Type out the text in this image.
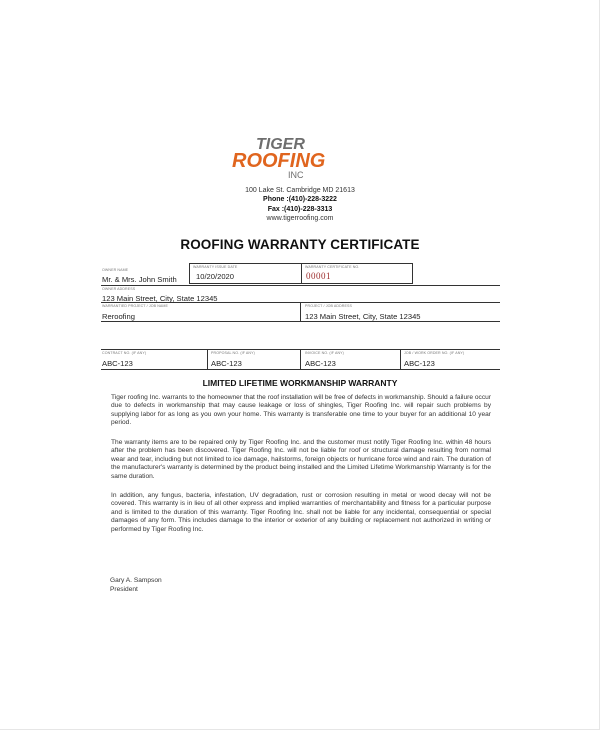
TIGER
ROOFING
INC
100 Lake St. Cambridge MD 21613
Phone :(410)-228-3222
Fax :(410)-228-3313
www.tigerroofing.com
ROOFING WARRANTY CERTIFICATE
WARRANTY ISSUE DATE
10/20/2020
WARRANTY CERTIFICATE NO.
00001
OWNER NAME
Mr. & Mrs. John Smith
OWNER ADDRESS
123 Main Street, City, State 12345
WARRANTIED PROJECT / JOB NAME
Reroofing
PROJECT / JOB ADDRESS
123 Main Street, City, State 12345
CONTRACT NO. (IF ANY)
ABC-123
PROPOSAL NO. (IF ANY)
ABC-123
INVOICE NO. (IF ANY)
ABC-123
JOB / WORK ORDER NO. (IF ANY)
ABC-123
LIMITED LIFETIME WORKMANSHIP WARRANTY
Tiger roofing Inc. warrants to the homeowner that the roof installation will be free of defects in workmanship. Should a failure occur due to defects in workmanship that may cause leakage or loss of shingles, Tiger Roofing Inc. will repair such problems by supplying labor for as long as you own your home. This warranty is transferable one time to your buyer for an additional 10 year period.
The warranty items are to be repaired only by Tiger Roofing Inc. and the customer must notify Tiger Roofing Inc. within 48 hours after the problem has been discovered. Tiger Roofing Inc. will not be liable for roof or structural damage resulting from normal wear and tear, including but not limited to ice damage, hailstorms, foreign objects or hurricane force wind and rain. The duration of the manufacturer's warranty is determined by the product being installed and the Limited Lifetime Workmanship Warranty is for the same duration.
In addition, any fungus, bacteria, infestation, UV degradation, rust or corrosion resulting in metal or wood decay will not be covered. This warranty is in lieu of all other express and implied warranties of merchantability and fitness for a particular purpose and is limited to the duration of this warranty. Tiger Roofing Inc. shall not be liable for any incidental, consequential or special damages of any form. This includes damage to the interior or exterior of any building or replacement not authorized in writing or performed by Tiger Roofing Inc.
Gary A. Sampson
President
